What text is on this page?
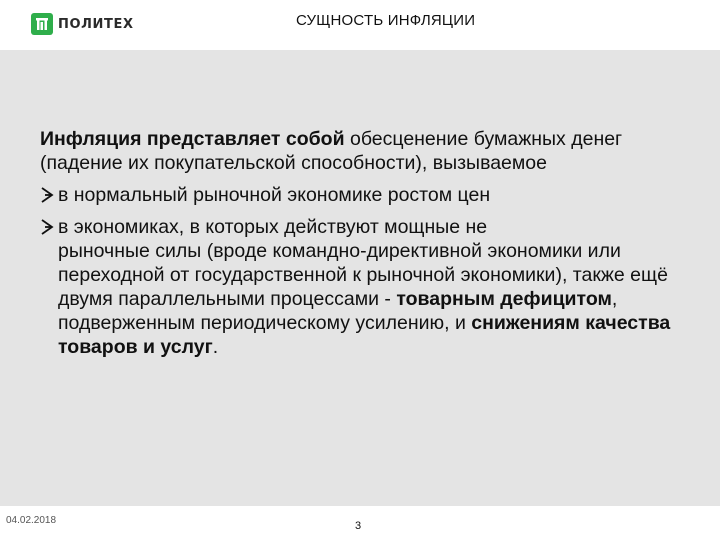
ПОЛИТЕХ	СУЩНОСТЬ ИНФЛЯЦИИ

Инфляция представляет собой обесценение бумажных денег (падение их покупательской способности), вызываемое

в нормальный рыночной экономике ростом цен
в экономиках, в которых действуют мощные не

рыночные силы (вроде командно-директивной экономики или переходной от государственной к рыночной экономики), также ещё двумя параллельными процессами - товарным дефицитом, подверженным периодическому усилению, и снижениям качества товаров и услуг.

04.02.2018	3
